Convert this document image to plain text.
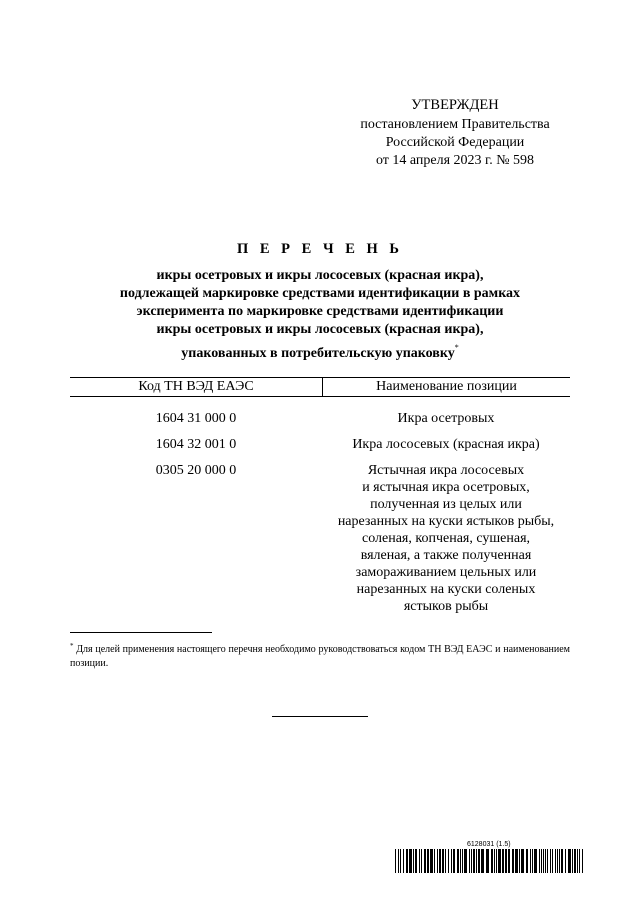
УТВЕРЖДЕН
постановлением Правительства
Российской Федерации
от 14 апреля 2023 г. № 598
П Е Р Е Ч Е Н Ь
икры осетровых и икры лососевых (красная икра),
подлежащей маркировке средствами идентификации в рамках
эксперимента по маркировке средствами идентификации
икры осетровых и икры лососевых (красная икра),
упакованных в потребительскую упаковку*
Код ТН ВЭД ЕАЭС	Наименование позиции
1604 31 000 0	Икра осетровых
1604 32 001 0	Икра лососевых (красная икра)
0305 20 000 0	Ястычная икра лососевых
и ястычная икра осетровых,
полученная из целых или
нарезанных на куски ястыков рыбы,
соленая, копченая, сушеная,
вяленая, а также полученная
замораживанием цельных или
нарезанных на куски соленых
ястыков рыбы
* Для целей применения настоящего перечня необходимо руководствоваться кодом ТН ВЭД ЕАЭС и наименованием позиции.
6128031 (1.5)
